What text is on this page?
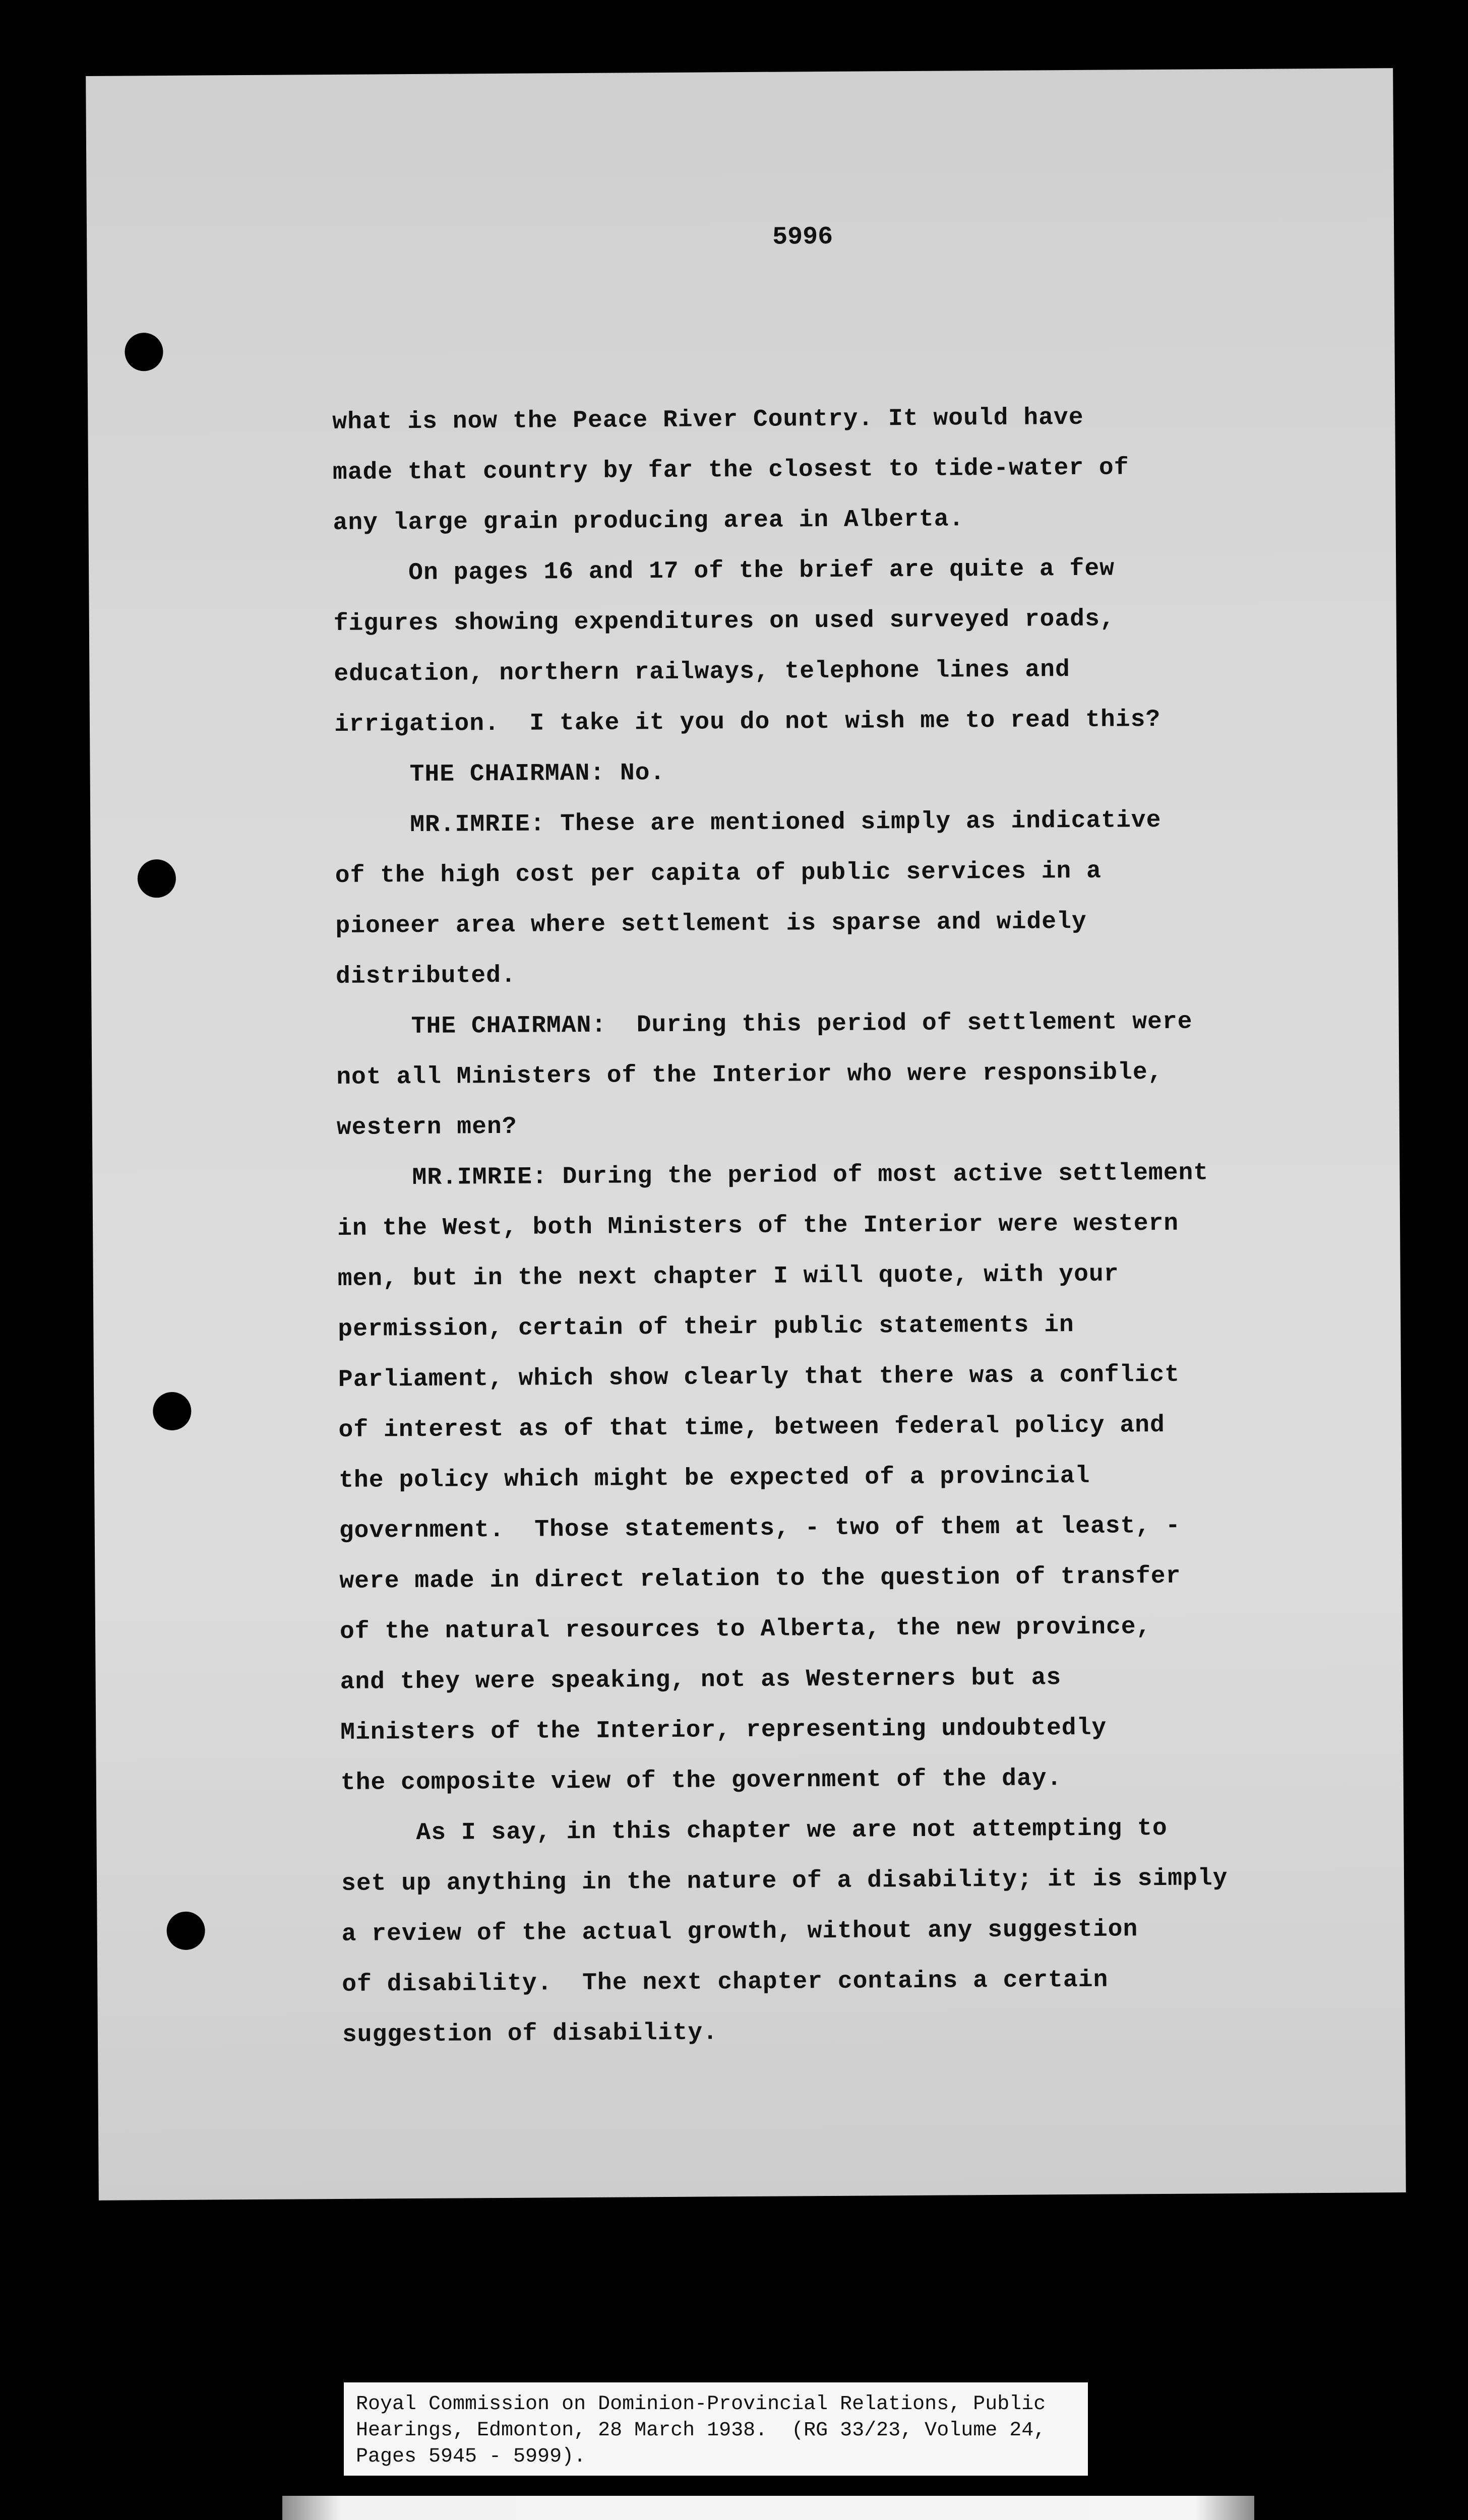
5996
what is now the Peace River Country. It would have
made that country by far the closest to tide-water of
any large grain producing area in Alberta.
On pages 16 and 17 of the brief are quite a few
figures showing expenditures on used surveyed roads,
education, northern railways, telephone lines and
irrigation.  I take it you do not wish me to read this?
THE CHAIRMAN: No.
MR.IMRIE: These are mentioned simply as indicative
of the high cost per capita of public services in a
pioneer area where settlement is sparse and widely
distributed.
THE CHAIRMAN:  During this period of settlement were
not all Ministers of the Interior who were responsible,
western men?
MR.IMRIE: During the period of most active settlement
in the West, both Ministers of the Interior were western
men, but in the next chapter I will quote, with your
permission, certain of their public statements in
Parliament, which show clearly that there was a conflict
of interest as of that time, between federal policy and
the policy which might be expected of a provincial
government.  Those statements, - two of them at least, -
were made in direct relation to the question of transfer
of the natural resources to Alberta, the new province,
and they were speaking, not as Westerners but as
Ministers of the Interior, representing undoubtedly
the composite view of the government of the day.
As I say, in this chapter we are not attempting to
set up anything in the nature of a disability; it is simply
a review of the actual growth, without any suggestion
of disability.  The next chapter contains a certain
suggestion of disability.
Royal Commission on Dominion-Provincial Relations, Public
Hearings, Edmonton, 28 March 1938.  (RG 33/23, Volume 24,
Pages 5945 - 5999).
